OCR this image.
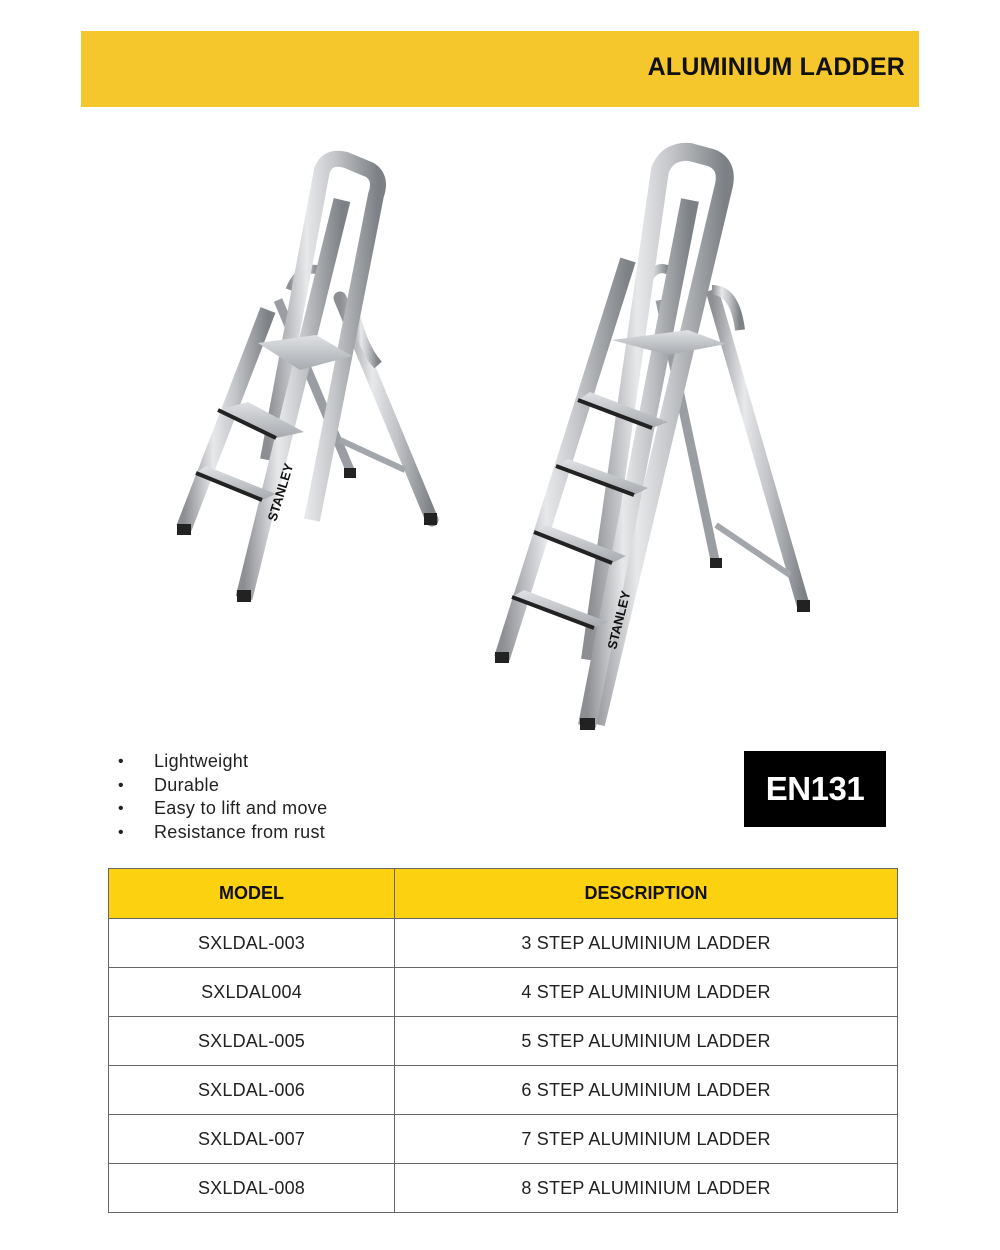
ALUMINIUM LADDER
STANLEY
STANLEY
• Lightweight
• Durable
• Easy to lift and move
• Resistance from rust
EN131
MODEL	DESCRIPTION
SXLDAL-003	3 STEP ALUMINIUM LADDER
SXLDAL004	4 STEP ALUMINIUM LADDER
SXLDAL-005	5 STEP ALUMINIUM LADDER
SXLDAL-006	6 STEP ALUMINIUM LADDER
SXLDAL-007	7 STEP ALUMINIUM LADDER
SXLDAL-008	8 STEP ALUMINIUM LADDER
